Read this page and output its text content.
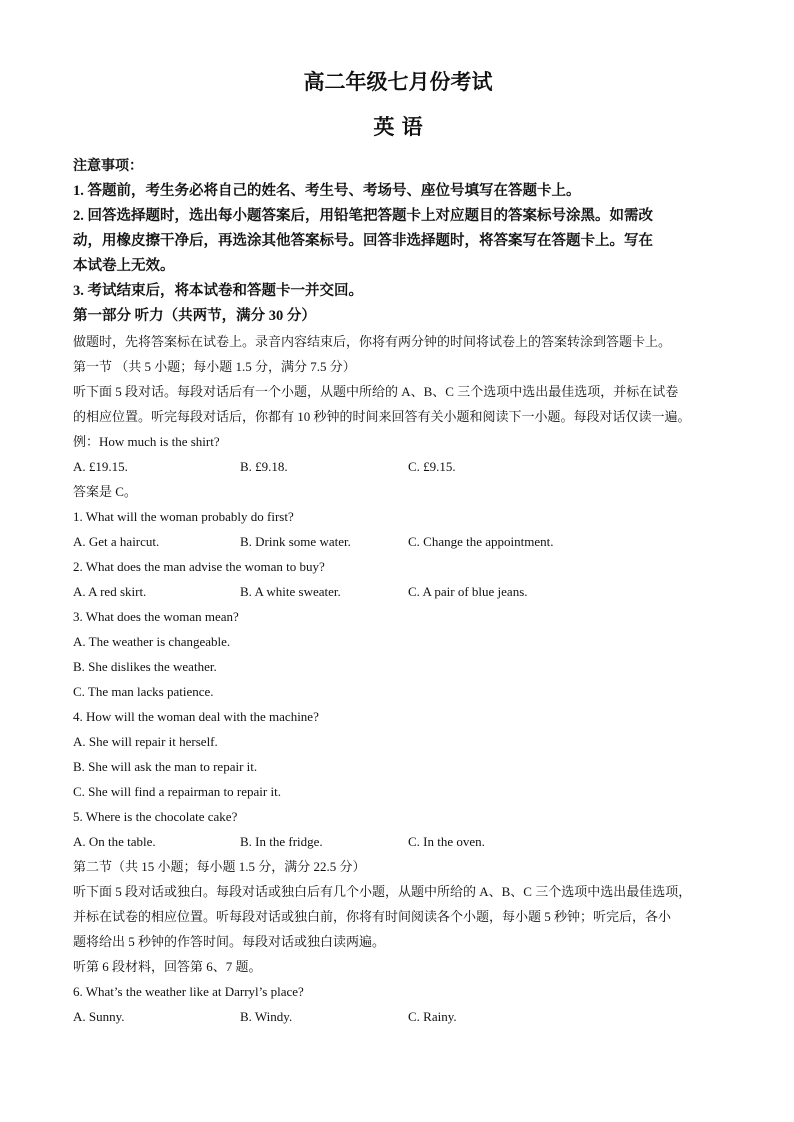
高二年级七月份考试
英 语
注意事项：
1. 答题前，考生务必将自己的姓名、考生号、考场号、座位号填写在答题卡上。
2. 回答选择题时，选出每小题答案后，用铅笔把答题卡上对应题目的答案标号涂黑。如需改
动，用橡皮擦干净后，再选涂其他答案标号。回答非选择题时，将答案写在答题卡上。写在
本试卷上无效。
3. 考试结束后，将本试卷和答题卡一并交回。
第一部分 听力（共两节，满分 30 分）

做题时，先将答案标在试卷上。录音内容结束后，你将有两分钟的时间将试卷上的答案转涂到答题卡上。

第一节 （共 5 小题；每小题 1.5 分，满分 7.5 分）

听下面 5 段对话。每段对话后有一个小题，从题中所给的 A、B、C 三个选项中选出最佳选项，并标在试卷

的相应位置。听完每段对话后，你都有 10 秒钟的时间来回答有关小题和阅读下一小题。每段对话仅读一遍。

例：How much is the shirt?

A. £19.15.	B. £9.18.	C. £9.15.

答案是 C。

1. What will the woman probably do first?

A. Get a haircut.	B. Drink some water.	C. Change the appointment.

2. What does the man advise the woman to buy?

A. A red skirt.	B. A white sweater.	C. A pair of blue jeans.

3. What does the woman mean?

A. The weather is changeable.

B. She dislikes the weather.

C. The man lacks patience.

4. How will the woman deal with the machine?

A. She will repair it herself.

B. She will ask the man to repair it.

C. She will find a repairman to repair it.

5. Where is the chocolate cake?

A. On the table.	B. In the fridge.	C. In the oven.

第二节（共 15 小题；每小题 1.5 分，满分 22.5 分）

听下面 5 段对话或独白。每段对话或独白后有几个小题，从题中所给的 A、B、C 三个选项中选出最佳选项，

并标在试卷的相应位置。听每段对话或独白前，你将有时间阅读各个小题，每小题 5 秒钟；听完后，各小

题将给出 5 秒钟的作答时间。每段对话或独白读两遍。

听第 6 段材料，回答第 6、7 题。

6. What’s the weather like at Darryl’s place?

A. Sunny.	B. Windy.	C. Rainy.
